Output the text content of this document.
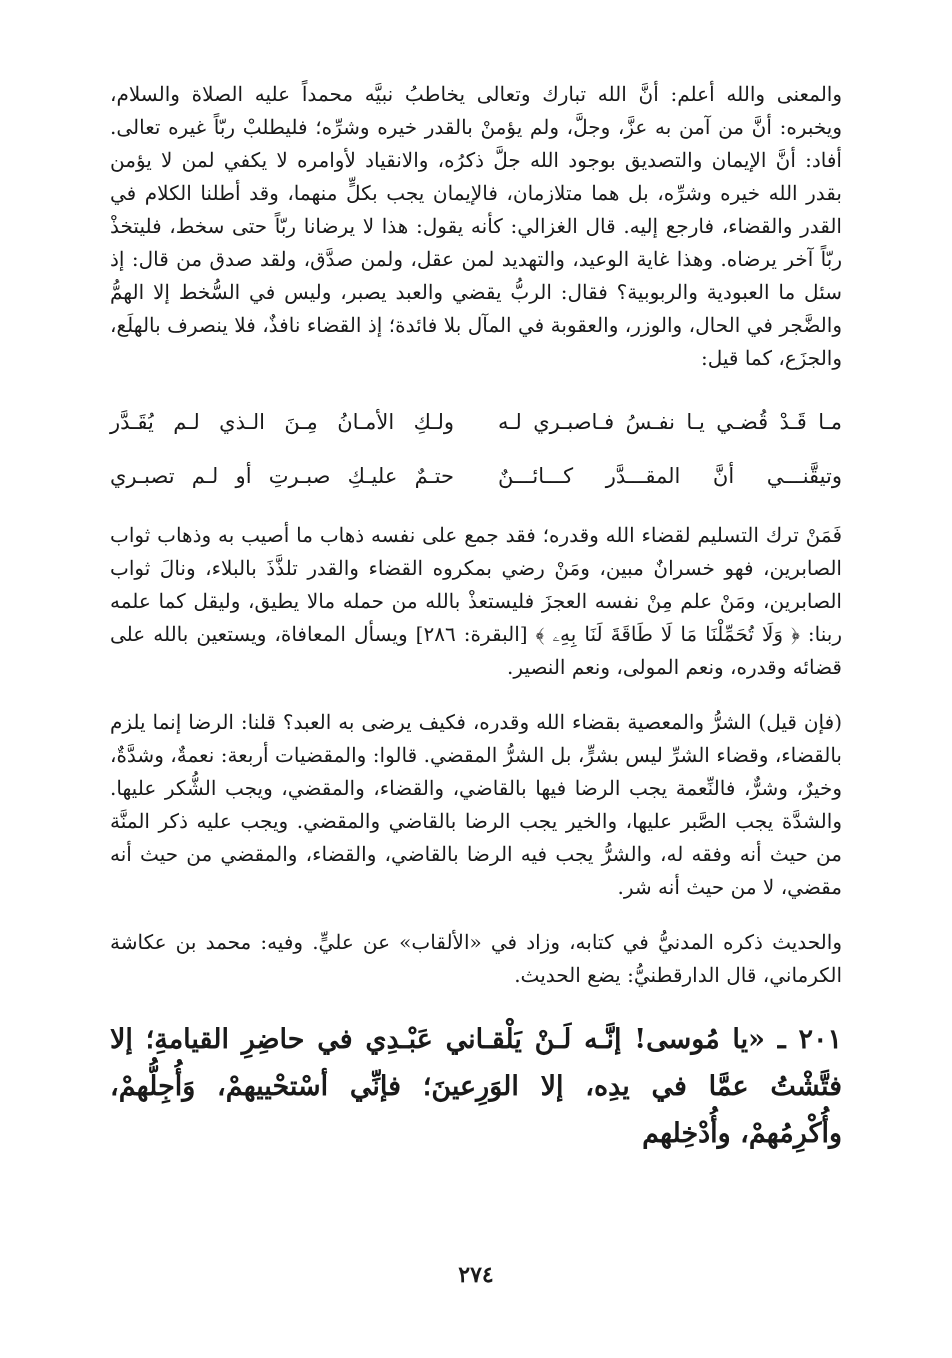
والمعنى والله أعلم: أنَّ الله تبارك وتعالى يخاطبُ نبيَّه محمداً عليه الصلاة والسلام، ويخبره: أنَّ من آمن به عزَّ، وجلَّ، ولم يؤمنْ بالقدر خيره وشرِّه؛ فليطلبْ ربّاً غيره تعالى. أفاد: أنَّ الإيمان والتصديق بوجود الله جلَّ ذكرُه، والانقياد لأوامره لا يكفي لمن لا يؤمن بقدر الله خيره وشرِّه، بل هما متلازمان، فالإيمان يجب بكلٍّ منهما، وقد أطلنا الكلام في القدر والقضاء، فارجع إليه. قال الغزالي: كأنه يقول: هذا لا يرضانا ربّاً حتى سخط، فليتخذْ ربّاً آخر يرضاه. وهذا غاية الوعيد، والتهديد لمن عقل، ولمن صدَّق، ولقد صدق من قال: إذ سئل ما العبودية والربوبية؟ فقال: الربُّ يقضي والعبد يصبر، وليس في السُّخط إلا الهمُّ والضَّجر في الحال، والوزر، والعقوبة في المآل بلا فائدة؛ إذ القضاء نافذٌ، فلا ينصرف بالهلَع، والجزَع، كما قيل:

مـا قَـدْ قُضـي يـا نفـسُ فـاصبـري لـه
ولـكِ الأمـانُ مِـنَ الـذي لـم يُقَـدَّر
وتيقَّنـــي أنَّ المقـــدَّر كـــائـــنٌ
حتـمٌ عليـكِ صبـرتِ أو لـم تصبـري

فَمَنْ ترك التسليم لقضاء الله وقدره؛ فقد جمع على نفسه ذهاب ما أصيب به وذهاب ثواب الصابرين، فهو خسرانٌ مبين، ومَنْ رضي بمكروه القضاء والقدر تلذَّذَ بالبلاء، ونالَ ثواب الصابرين، ومَنْ علم مِنْ نفسه العجزَ فليستعذْ بالله من حمله مالا يطيق، وليقل كما علمه ربنا: ﴿ وَلَا تُحَمِّلْنَا مَا لَا طَاقَةَ لَنَا بِهِۦ ﴾ [البقرة: ٢٨٦] ويسأل المعافاة، ويستعين بالله على قضائه وقدره، ونعم المولى، ونعم النصير.

(فإن قيل) الشرُّ والمعصية بقضاء الله وقدره، فكيف يرضى به العبد؟ قلنا: الرضا إنما يلزم بالقضاء، وقضاء الشرِّ ليس بشرٍّ، بل الشرُّ المقضي. قالوا: والمقضيات أربعة: نعمةٌ، وشدَّةٌ، وخيرٌ، وشرٌّ، فالنِّعمة يجب الرضا فيها بالقاضي، والقضاء، والمقضي، ويجب الشُّكر عليها. والشدَّة يجب الصَّبر عليها، والخير يجب الرضا بالقاضي والمقضي. ويجب عليه ذكر المنَّة من حيث أنه وفقه له، والشرُّ يجب فيه الرضا بالقاضي، والقضاء، والمقضي من حيث أنه مقضي، لا من حيث أنه شر.

والحديث ذكره المدنيُّ في كتابه، وزاد في «الألقاب» عن عليٍّ. وفيه: محمد بن عكاشة الكرماني، قال الدارقطنيُّ: يضع الحديث.

٢٠١ ـ «يا مُوسى! إنَّـه لَـنْ يَلْقـاني عَبْـدِي في حاضِرِ القيامةِ؛ إلا فتَّشْتُ عمَّا في يدِه، إلا الوَرِعينَ؛ فإنِّي أسْتحْييهمْ، وَأُجِلُّهمْ، وأُكْرِمُهمْ، وأُدْخِلهم

٢٧٤
